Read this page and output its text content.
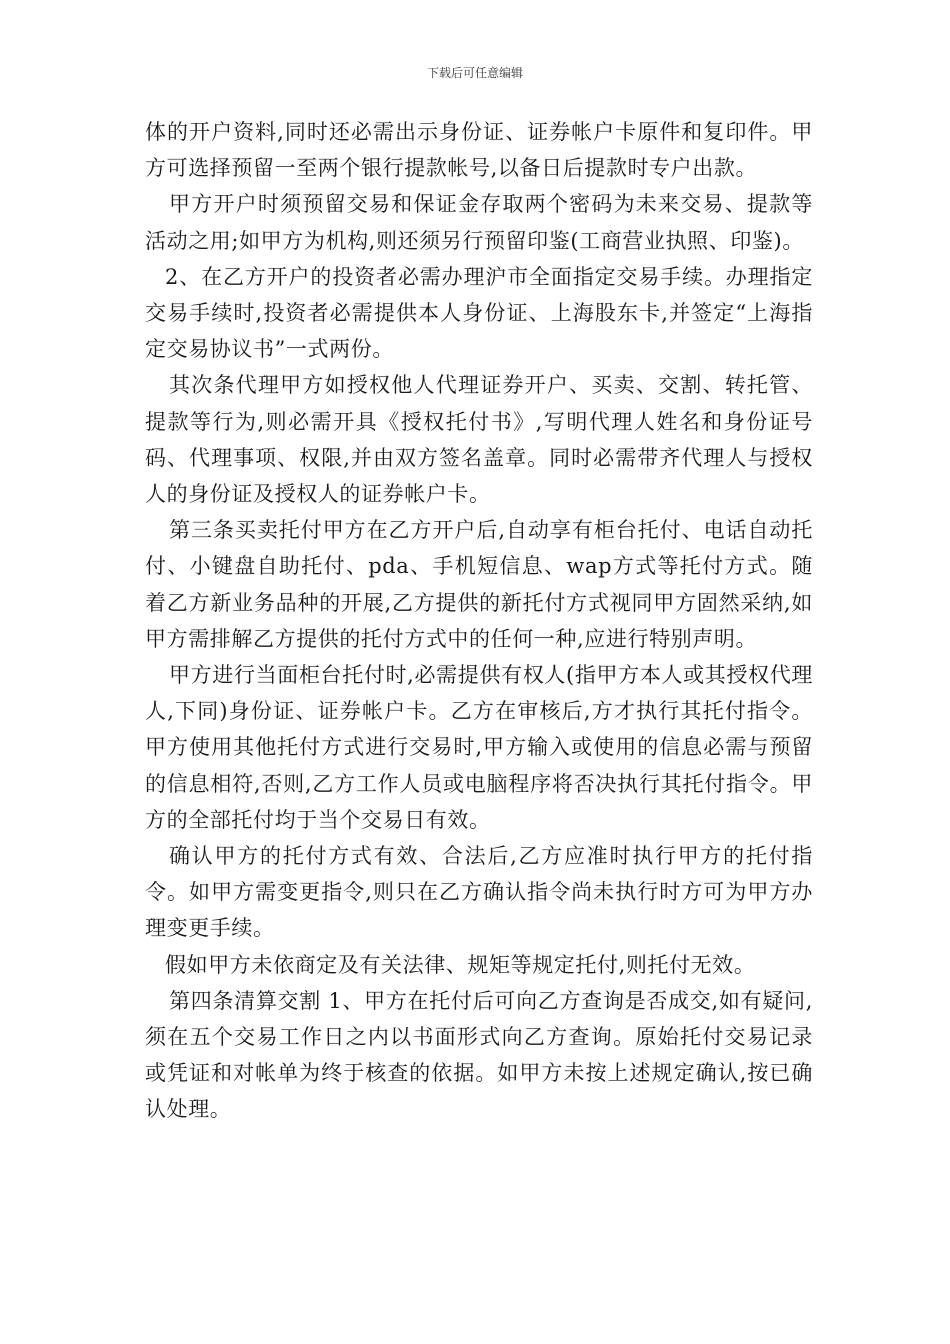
下载后可任意编辑

体的开户资料,同时还必需出示身份证、证券帐户卡原件和复印件。甲方可选择预留一至两个银行提款帐号,以备日后提款时专户出款。

甲方开户时须预留交易和保证金存取两个密码为未来交易、提款等活动之用;如甲方为机构,则还须另行预留印鉴(工商营业执照、印鉴)。

2、在乙方开户的投资者必需办理沪市全面指定交易手续。办理指定交易手续时,投资者必需提供本人身份证、上海股东卡,并签定“上海指定交易协议书”一式两份。

其次条代理甲方如授权他人代理证券开户、买卖、交割、转托管、提款等行为,则必需开具《授权托付书》,写明代理人姓名和身份证号码、代理事项、权限,并由双方签名盖章。同时必需带齐代理人与授权人的身份证及授权人的证券帐户卡。

第三条买卖托付甲方在乙方开户后,自动享有柜台托付、电话自动托付、小键盘自助托付、pda、手机短信息、wap方式等托付方式。随着乙方新业务品种的开展,乙方提供的新托付方式视同甲方固然采纳,如甲方需排解乙方提供的托付方式中的任何一种,应进行特别声明。

甲方进行当面柜台托付时,必需提供有权人(指甲方本人或其授权代理人,下同)身份证、证券帐户卡。乙方在审核后,方才执行其托付指令。甲方使用其他托付方式进行交易时,甲方输入或使用的信息必需与预留的信息相符,否则,乙方工作人员或电脑程序将否决执行其托付指令。甲方的全部托付均于当个交易日有效。

确认甲方的托付方式有效、合法后,乙方应准时执行甲方的托付指令。如甲方需变更指令,则只在乙方确认指令尚未执行时方可为甲方办理变更手续。

假如甲方未依商定及有关法律、规矩等规定托付,则托付无效。

第四条清算交割 1、甲方在托付后可向乙方查询是否成交,如有疑问,须在五个交易工作日之内以书面形式向乙方查询。原始托付交易记录或凭证和对帐单为终于核查的依据。如甲方未按上述规定确认,按已确认处理。
